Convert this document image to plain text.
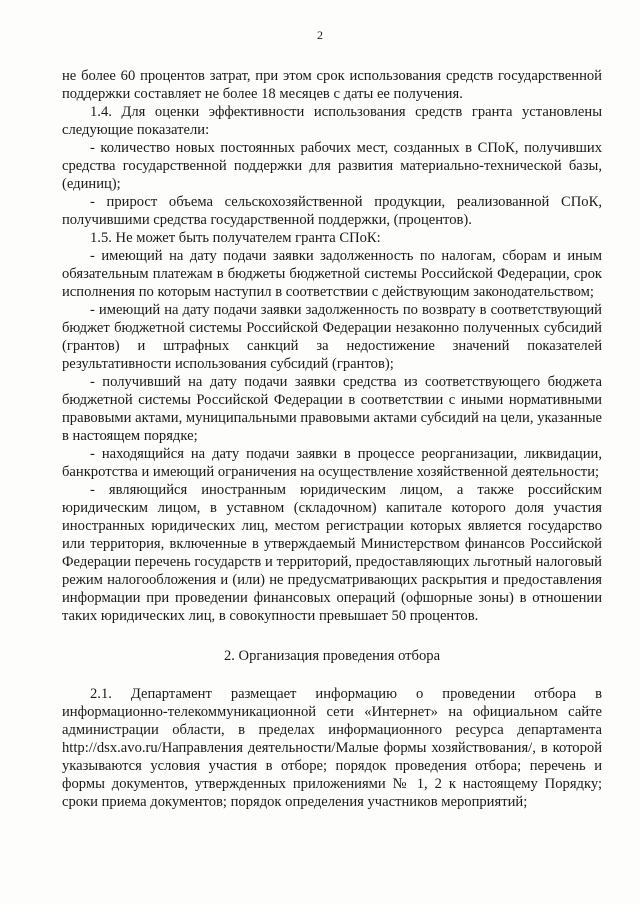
2

не более 60 процентов затрат, при этом срок использования средств государственной поддержки составляет не более 18 месяцев с даты ее получения.

1.4. Для оценки эффективности использования средств гранта установлены следующие показатели:

- количество новых постоянных рабочих мест, созданных в СПоК, получивших средства государственной поддержки для развития материально-технической базы, (единиц);

- прирост объема сельскохозяйственной продукции, реализованной СПоК, получившими средства государственной поддержки, (процентов).

1.5. Не может быть получателем гранта СПоК:

- имеющий на дату подачи заявки задолженность по налогам, сборам и иным обязательным платежам в бюджеты бюджетной системы Российской Федерации, срок исполнения по которым наступил в соответствии с действующим законодательством;

- имеющий на дату подачи заявки задолженность по возврату в соответствующий бюджет бюджетной системы Российской Федерации незаконно полученных субсидий (грантов) и штрафных санкций за недостижение значений показателей результативности использования субсидий (грантов);

- получивший на дату подачи заявки средства из соответствующего бюджета бюджетной системы Российской Федерации в соответствии с иными нормативными правовыми актами, муниципальными правовыми актами субсидий на цели, указанные в настоящем порядке;

- находящийся на дату подачи заявки в процессе реорганизации, ликвидации, банкротства и имеющий ограничения на осуществление хозяйственной деятельности;

- являющийся иностранным юридическим лицом, а также российским юридическим лицом, в уставном (складочном) капитале которого доля участия иностранных юридических лиц, местом регистрации которых является государство или территория, включенные в утверждаемый Министерством финансов Российской Федерации перечень государств и территорий, предоставляющих льготный налоговый режим налогообложения и (или) не предусматривающих раскрытия и предоставления информации при проведении финансовых операций (офшорные зоны) в отношении таких юридических лиц, в совокупности превышает 50 процентов.

2. Организация проведения отбора

2.1. Департамент размещает информацию о проведении отбора в информационно-телекоммуникационной сети «Интернет» на официальном сайте администрации области, в пределах информационного ресурса департамента http://dsx.avo.ru/Направления деятельности/Малые формы хозяйствования/, в которой указываются условия участия в отборе; порядок проведения отбора; перечень и формы документов, утвержденных приложениями № 1, 2 к настоящему Порядку; сроки приема документов; порядок определения участников мероприятий;
